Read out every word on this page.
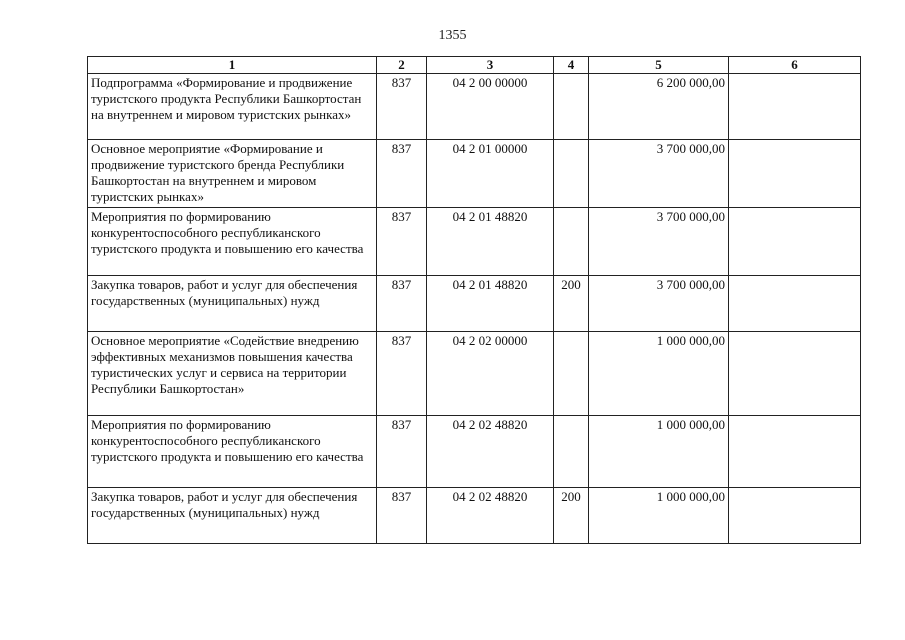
1355
1	2	3	4	5	6
Подпрограмма «Формирование и продвижение туристского продукта Республики Башкортостан на внутреннем и мировом туристских рынках»	837	04 2 00 00000		6 200 000,00	
Основное мероприятие «Формирование и продвижение туристского бренда Республики Башкортостан на внутреннем и мировом туристских рынках»	837	04 2 01 00000		3 700 000,00	
Мероприятия по формированию конкурентоспособного республиканского туристского продукта и повышению его качества	837	04 2 01 48820		3 700 000,00	
Закупка товаров, работ и услуг для обеспечения государственных (муниципальных) нужд	837	04 2 01 48820	200	3 700 000,00	
Основное мероприятие «Содействие внедрению эффективных механизмов повышения качества туристических услуг и сервиса на территории Республики Башкортостан»	837	04 2 02 00000		1 000 000,00	
Мероприятия по формированию конкурентоспособного республиканского туристского продукта и повышению его качества	837	04 2 02 48820		1 000 000,00	
Закупка товаров, работ и услуг для обеспечения государственных (муниципальных) нужд	837	04 2 02 48820	200	1 000 000,00	
